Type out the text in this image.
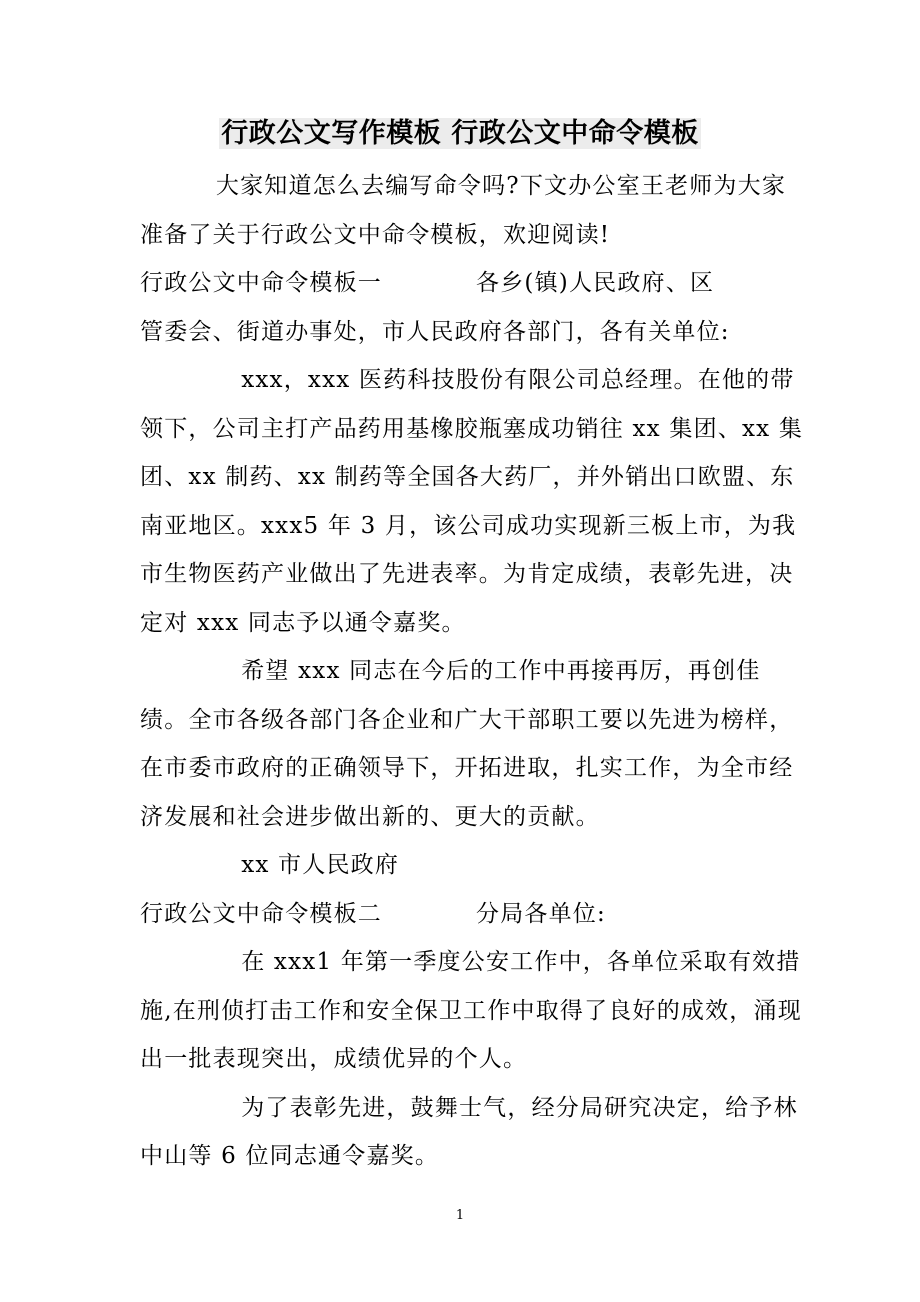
行政公文写作模板 行政公文中命令模板

大家知道怎么去编写命令吗?下文办公室王老师为大家准备了关于行政公文中命令模板，欢迎阅读!

行政公文中命令模板一	各乡(镇)人民政府、区

管委会、街道办事处，市人民政府各部门，各有关单位:

xxx，xxx 医药科技股份有限公司总经理。在他的带领下，公司主打产品药用基橡胶瓶塞成功销往 xx 集团、xx 集团、xx 制药、xx 制药等全国各大药厂，并外销出口欧盟、东南亚地区。xxx5 年 3 月，该公司成功实现新三板上市，为我市生物医药产业做出了先进表率。为肯定成绩，表彰先进，决定对 xxx 同志予以通令嘉奖。

希望 xxx 同志在今后的工作中再接再厉，再创佳绩。全市各级各部门各企业和广大干部职工要以先进为榜样，在市委市政府的正确领导下，开拓进取，扎实工作，为全市经济发展和社会进步做出新的、更大的贡献。

xx 市人民政府

行政公文中命令模板二	分局各单位:

在 xxx1 年第一季度公安工作中，各单位采取有效措施,在刑侦打击工作和安全保卫工作中取得了良好的成效，涌现出一批表现突出，成绩优异的个人。

为了表彰先进，鼓舞士气，经分局研究决定，给予林中山等 6 位同志通令嘉奖。

1
